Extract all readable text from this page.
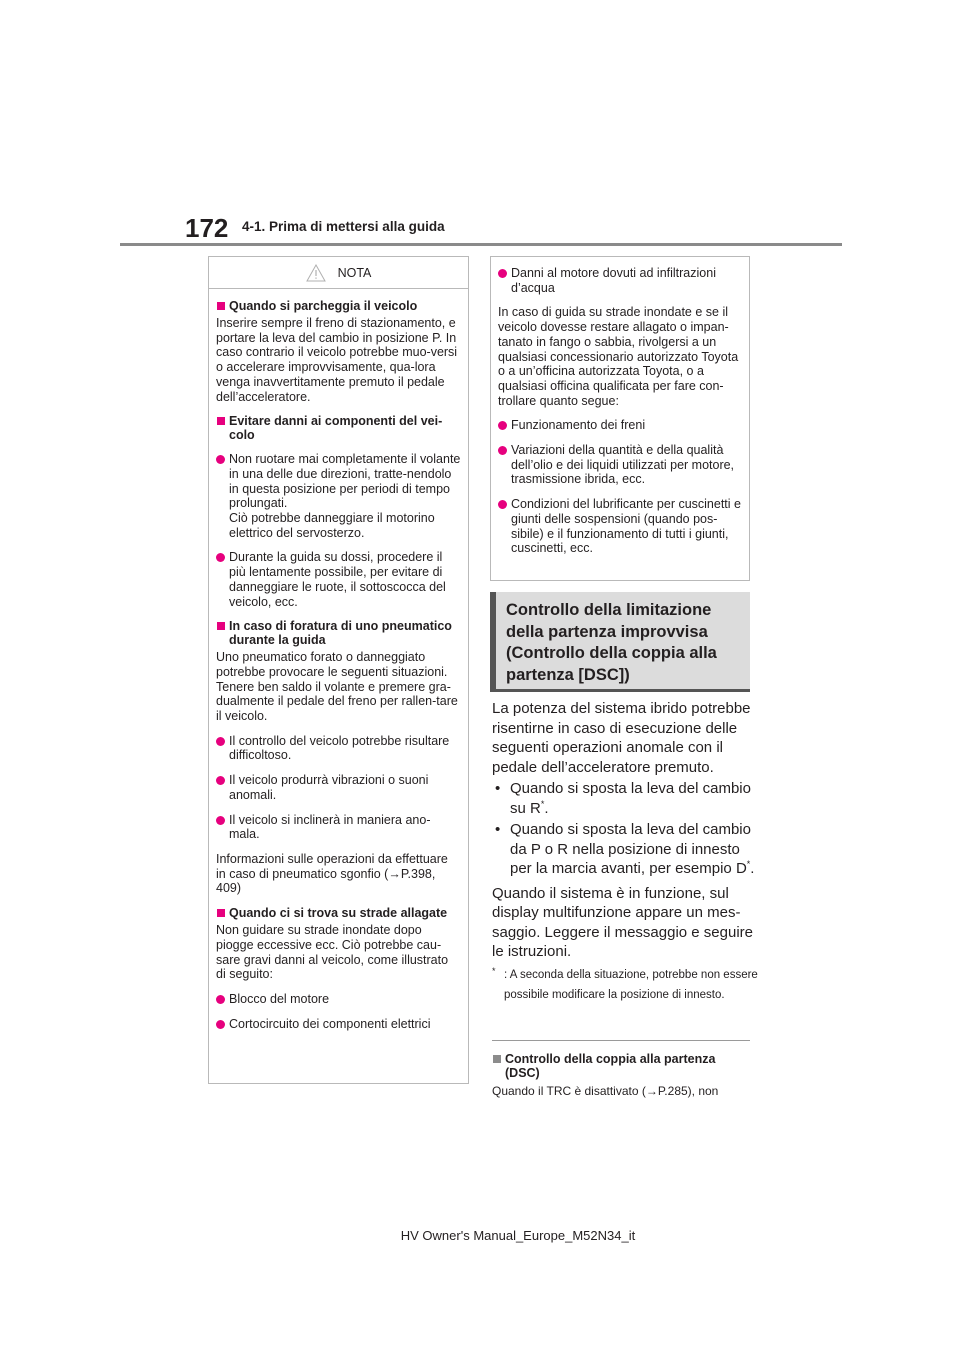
172 4-1. Prima di mettersi alla guida
NOTA
Quando si parcheggia il veicolo
Inserire sempre il freno di stazionamento, e portare la leva del cambio in posizione P. In caso contrario il veicolo potrebbe muo-versi o accelerare improvvisamente, qua-lora venga inavvertitamente premuto il pedale dell’acceleratore.
Evitare danni ai componenti del vei-colo
Non ruotare mai completamente il volante in una delle due direzioni, tratte-nendolo in questa posizione per periodi di tempo prolungati.
Ciò potrebbe danneggiare il motorino elettrico del servosterzo.
Durante la guida su dossi, procedere il più lentamente possibile, per evitare di danneggiare le ruote, il sottoscocca del veicolo, ecc.
In caso di foratura di uno pneumatico durante la guida
Uno pneumatico forato o danneggiato potrebbe provocare le seguenti situazioni. Tenere ben saldo il volante e premere gra-dualmente il pedale del freno per rallen-tare il veicolo.
Il controllo del veicolo potrebbe risultare difficoltoso.
Il veicolo produrrà vibrazioni o suoni anomali.
Il veicolo si inclinerà in maniera ano-mala.
Informazioni sulle operazioni da effettuare in caso di pneumatico sgonfio (→P.398, 409)
Quando ci si trova su strade allagate
Non guidare su strade inondate dopo piogge eccessive ecc. Ciò potrebbe cau-sare gravi danni al veicolo, come illustrato di seguito:
Blocco del motore
Cortocircuito dei componenti elettrici
Danni al motore dovuti ad infiltrazioni d’acqua
In caso di guida su strade inondate e se il veicolo dovesse restare allagato o impan-tanato in fango o sabbia, rivolgersi a un qualsiasi concessionario autorizzato Toyota o a un’officina autorizzata Toyota, o a qualsiasi officina qualificata per fare con-trollare quanto segue:
Funzionamento dei freni
Variazioni della quantità e della qualità dell’olio e dei liquidi utilizzati per motore, trasmissione ibrida, ecc.
Condizioni del lubrificante per cuscinetti e giunti delle sospensioni (quando pos-sibile) e il funzionamento di tutti i giunti, cuscinetti, ecc.
Controllo della limitazione della partenza improvvisa (Controllo della coppia alla partenza [DSC])

La potenza del sistema ibrido potrebbe risentirne in caso di esecuzione delle seguenti operazioni anomale con il pedale dell’acceleratore premuto.

• Quando si sposta la leva del cambio su R*.
• Quando si sposta la leva del cambio da P o R nella posizione di innesto per la marcia avanti, per esempio D*.

Quando il sistema è in funzione, sul display multifunzione appare un mes-saggio. Leggere il messaggio e seguire le istruzioni.

* : A seconda della situazione, potrebbe non essere possibile modificare la posizione di innesto.
Controllo della coppia alla partenza (DSC)
Quando il TRC è disattivato (→P.285), non
HV Owner's Manual_Europe_M52N34_it
